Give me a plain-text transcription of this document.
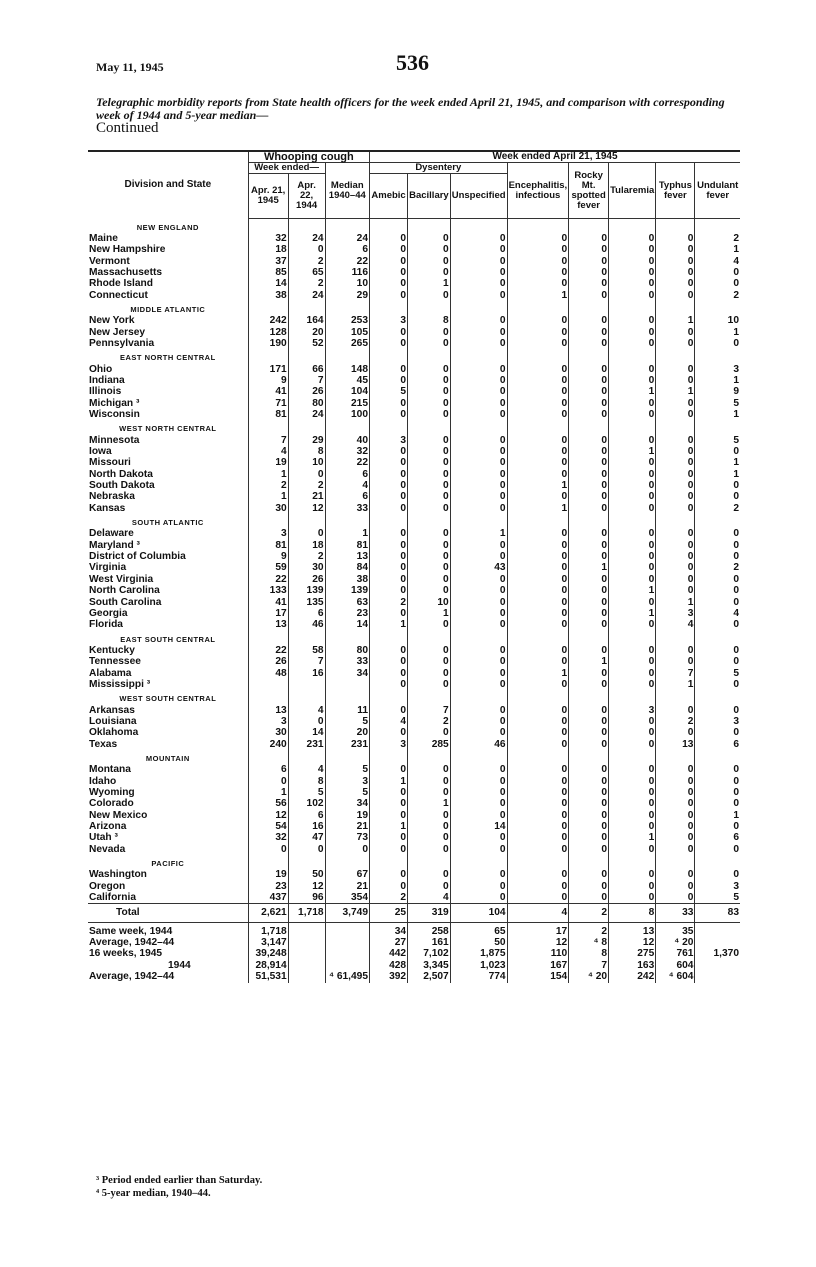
May 11, 1945	536
Telegraphic morbidity reports from State health officers for the week ended April 21, 1945, and comparison with corresponding week of 1944 and 5-year median—
Continued
Division and State	Whooping cough			Week ended April 21, 1945							
	Week ended—		Median 1940–44	Dysentery			Encephalitis, infectious	Rocky Mt. spotted fever	Tularemia	Typhus fever	Undulant fever
	Apr. 21, 1945	Apr. 22, 1944		Amebic	Bacillary	Unspecified					
NEW ENGLAND											
Maine	32	24	24	0	0	0	0	0	0	0	2
New Hampshire	18	0	6	0	0	0	0	0	0	0	1
Vermont	37	2	22	0	0	0	0	0	0	0	4
Massachusetts	85	65	116	0	0	0	0	0	0	0	0
Rhode Island	14	2	10	0	1	0	0	0	0	0	0
Connecticut	38	24	29	0	0	0	1	0	0	0	2
MIDDLE ATLANTIC											
New York	242	164	253	3	8	0	0	0	0	1	10
New Jersey	128	20	105	0	0	0	0	0	0	0	1
Pennsylvania	190	52	265	0	0	0	0	0	0	0	0
EAST NORTH CENTRAL											
Ohio	171	66	148	0	0	0	0	0	0	0	3
Indiana	9	7	45	0	0	0	0	0	0	0	1
Illinois	41	26	104	5	0	0	0	0	1	1	9
Michigan ³	71	80	215	0	0	0	0	0	0	0	5
Wisconsin	81	24	100	0	0	0	0	0	0	0	1
WEST NORTH CENTRAL											
Minnesota	7	29	40	3	0	0	0	0	0	0	5
Iowa	4	8	32	0	0	0	0	0	1	0	0
Missouri	19	10	22	0	0	0	0	0	0	0	1
North Dakota	1	0	6	0	0	0	0	0	0	0	1
South Dakota	2	2	4	0	0	0	1	0	0	0	0
Nebraska	1	21	6	0	0	0	0	0	0	0	0
Kansas	30	12	33	0	0	0	1	0	0	0	2
SOUTH ATLANTIC											
Delaware	3	0	1	0	0	1	0	0	0	0	0
Maryland ³	81	18	81	0	0	0	0	0	0	0	0
District of Columbia	9	2	13	0	0	0	0	0	0	0	0
Virginia	59	30	84	0	0	43	0	1	0	0	2
West Virginia	22	26	38	0	0	0	0	0	0	0	0
North Carolina	133	139	139	0	0	0	0	0	1	0	0
South Carolina	41	135	63	2	10	0	0	0	0	1	0
Georgia	17	6	23	0	1	0	0	0	1	3	4
Florida	13	46	14	1	0	0	0	0	0	4	0
EAST SOUTH CENTRAL											
Kentucky	22	58	80	0	0	0	0	0	0	0	0
Tennessee	26	7	33	0	0	0	0	1	0	0	0
Alabama	48	16	34	0	0	0	1	0	0	7	5
Mississippi ³				0	0	0	0	0	0	1	0
WEST SOUTH CENTRAL											
Arkansas	13	4	11	0	7	0	0	0	3	0	0
Louisiana	3	0	5	4	2	0	0	0	0	2	3
Oklahoma	30	14	20	0	0	0	0	0	0	0	0
Texas	240	231	231	3	285	46	0	0	0	13	6
MOUNTAIN											
Montana	6	4	5	0	0	0	0	0	0	0	0
Idaho	0	8	3	1	0	0	0	0	0	0	0
Wyoming	1	5	5	0	0	0	0	0	0	0	0
Colorado	56	102	34	0	1	0	0	0	0	0	0
New Mexico	12	6	19	0	0	0	0	0	0	0	1
Arizona	54	16	21	1	0	14	0	0	0	0	0
Utah ³	32	47	73	0	0	0	0	0	1	0	6
Nevada	0	0	0	0	0	0	0	0	0	0	0
PACIFIC											
Washington	19	50	67	0	0	0	0	0	0	0	0
Oregon	23	12	21	0	0	0	0	0	0	0	3
California	437	96	354	2	4	0	0	0	0	0	5
Total	2,621	1,718	3,749	25	319	104	4	2	8	33	83
Same week, 1944	1,718			34	258	65	17	2	13	35	
Average, 1942–44	3,147			27	161	50	12	⁴ 8	12	⁴ 20	
16 weeks, 1945	39,248			442	7,102	1,875	110	8	275	761	1,370
1944	28,914			428	3,345	1,023	167	7	163	604	
Average, 1942–44	51,531		⁴ 61,495	392	2,507	774	154	⁴ 20	242	⁴ 604	
³ Period ended earlier than Saturday.
⁴ 5-year median, 1940–44.
